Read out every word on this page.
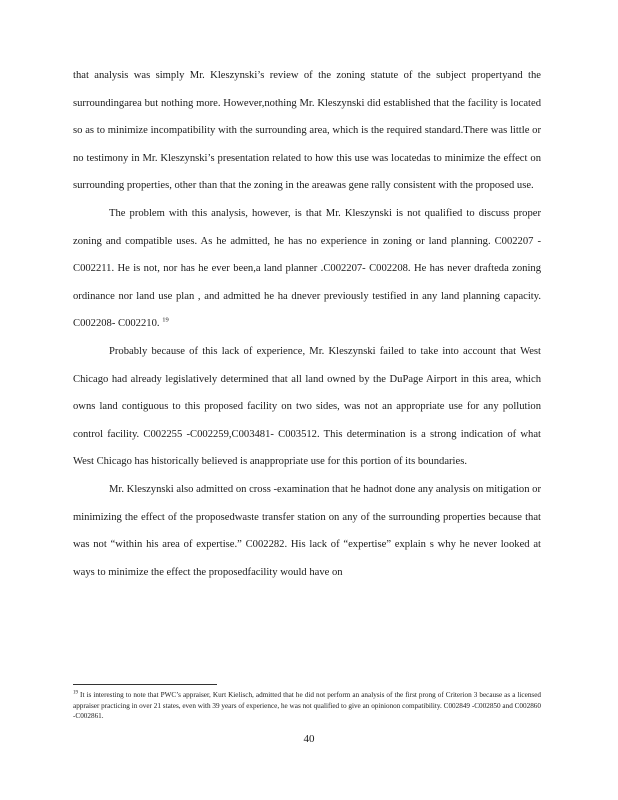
that analysis was simply Mr. Kleszynski’s review of the zoning statute of the subject propertyand the surroundingarea but nothing more. However,nothing Mr. Kleszynski did established that the facility is located so as to minimize incompatibility with the surrounding area, which is the required standard.There was little or no testimony in Mr. Kleszynski’s presentation related to how this use was locatedas to minimize the effect on surrounding properties, other than that the zoning in the areawas gene rally consistent with the proposed use.

The problem with this analysis, however, is that Mr. Kleszynski is not qualified to discuss proper zoning and compatible uses. As he admitted, he has no experience in zoning or land planning. C002207 -C002211. He is not, nor has he ever been,a land planner .C002207- C002208. He has never draftedа zoning ordinance nor land use plan , and admitted he ha dnever previously testified in any land planning capacity. C002208- C002210. $^{19}$

Probably because of this lack of experience, Mr. Kleszynski failed to take into account that West Chicago had already legislatively determined that all land owned by the DuPage Airport in this area, which owns land contiguous to this proposed facility on two sides, was not an appropriate use for any pollution control facility. C002255 -C002259,C003481- C003512. This determination is a strong indication of what West Chicago has historically believed is anappropriate use for this portion of its boundaries.

Mr. Kleszynski also admitted on cross -examination that he hadnot done any analysis on mitigation or minimizing the effect of the proposedwaste transfer station on any of the surrounding properties because that was not “within his area of expertise.” C002282. His lack of “expertise” explain s why he never looked at ways to minimize the effect the proposedfacility would have on

$^{19}$ It is interesting to note that PWC’s appraiser, Kurt Kielisch, admitted that he did not perform an analysis of the first prong of Criterion 3 because as a licensed appraiser practicing in over 21 states, even with 39 years of experience, he was not qualified to give an opinionon compatibility. C002849 -C002850 and C002860 -C002861.

40
